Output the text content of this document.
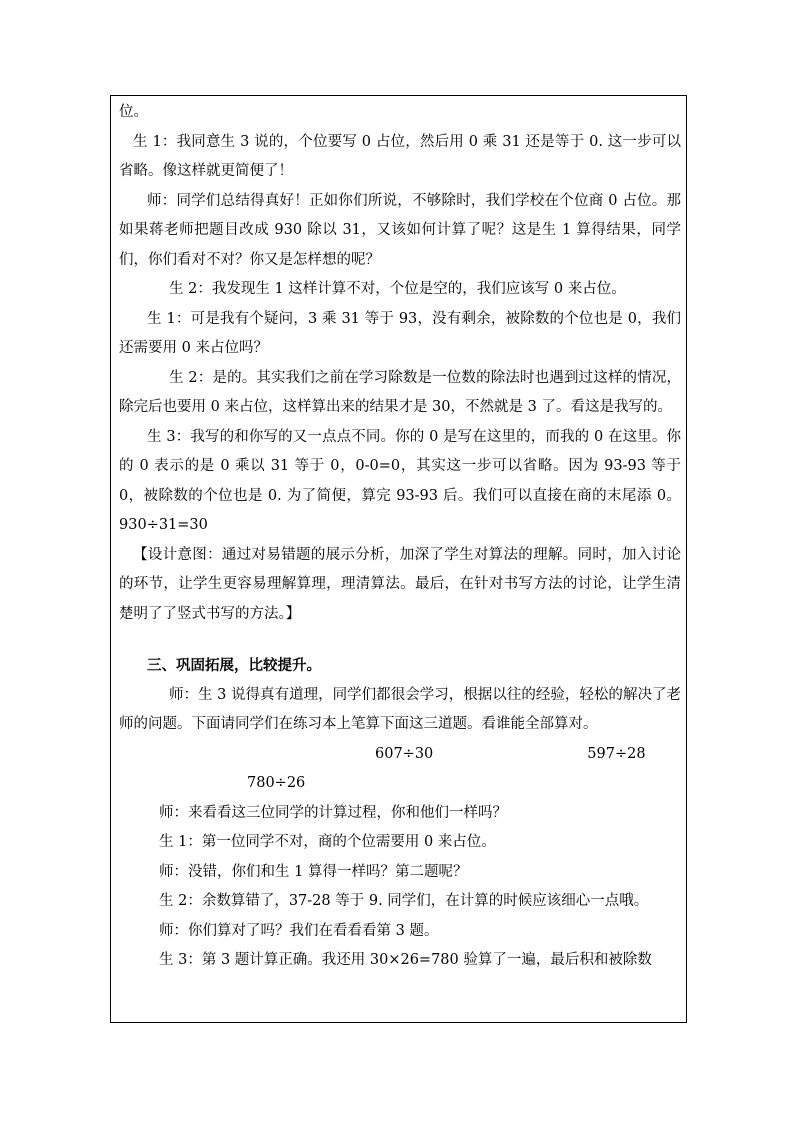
位。

生 1：我同意生 3 说的，个位要写 0 占位，然后用 0 乘 31 还是等于 0. 这一步可以省略。像这样就更简便了！

师：同学们总结得真好！正如你们所说，不够除时，我们学校在个位商 0 占位。那如果蒋老师把题目改成 930 除以 31，又该如何计算了呢？这是生 1 算得结果，同学们，你们看对不对？你又是怎样想的呢？

生 2：我发现生 1 这样计算不对，个位是空的，我们应该写 0 来占位。

生 1：可是我有个疑问，3 乘 31 等于 93，没有剩余，被除数的个位也是 0，我们还需要用 0 来占位吗？

生 2：是的。其实我们之前在学习除数是一位数的除法时也遇到过这样的情况，除完后也要用 0 来占位，这样算出来的结果才是 30，不然就是 3 了。看这是我写的。

生 3：我写的和你写的又一点点不同。你的 0 是写在这里的，而我的 0 在这里。你的 0 表示的是 0 乘以 31 等于 0，0-0=0，其实这一步可以省略。因为 93-93 等于 0，被除数的个位也是 0. 为了简便，算完 93-93 后。我们可以直接在商的末尾添 0。930÷31=30

【设计意图：通过对易错题的展示分析，加深了学生对算法的理解。同时，加入讨论的环节，让学生更容易理解算理，理清算法。最后，在针对书写方法的讨论，让学生清楚明了了竖式书写的方法。】

三、巩固拓展，比较提升。

师：生 3 说得真有道理，同学们都很会学习，根据以往的经验，轻松的解决了老师的问题。下面请同学们在练习本上笔算下面这三道题。看谁能全部算对。

607÷30	597÷28780÷26

师：来看看这三位同学的计算过程，你和他们一样吗？

生 1：第一位同学不对，商的个位需要用 0 来占位。

师：没错，你们和生 1 算得一样吗？第二题呢？

生 2：余数算错了，37-28 等于 9. 同学们，在计算的时候应该细心一点哦。

师：你们算对了吗？我们在看看看第 3 题。

生 3：第 3 题计算正确。我还用 30×26=780 验算了一遍，最后积和被除数
